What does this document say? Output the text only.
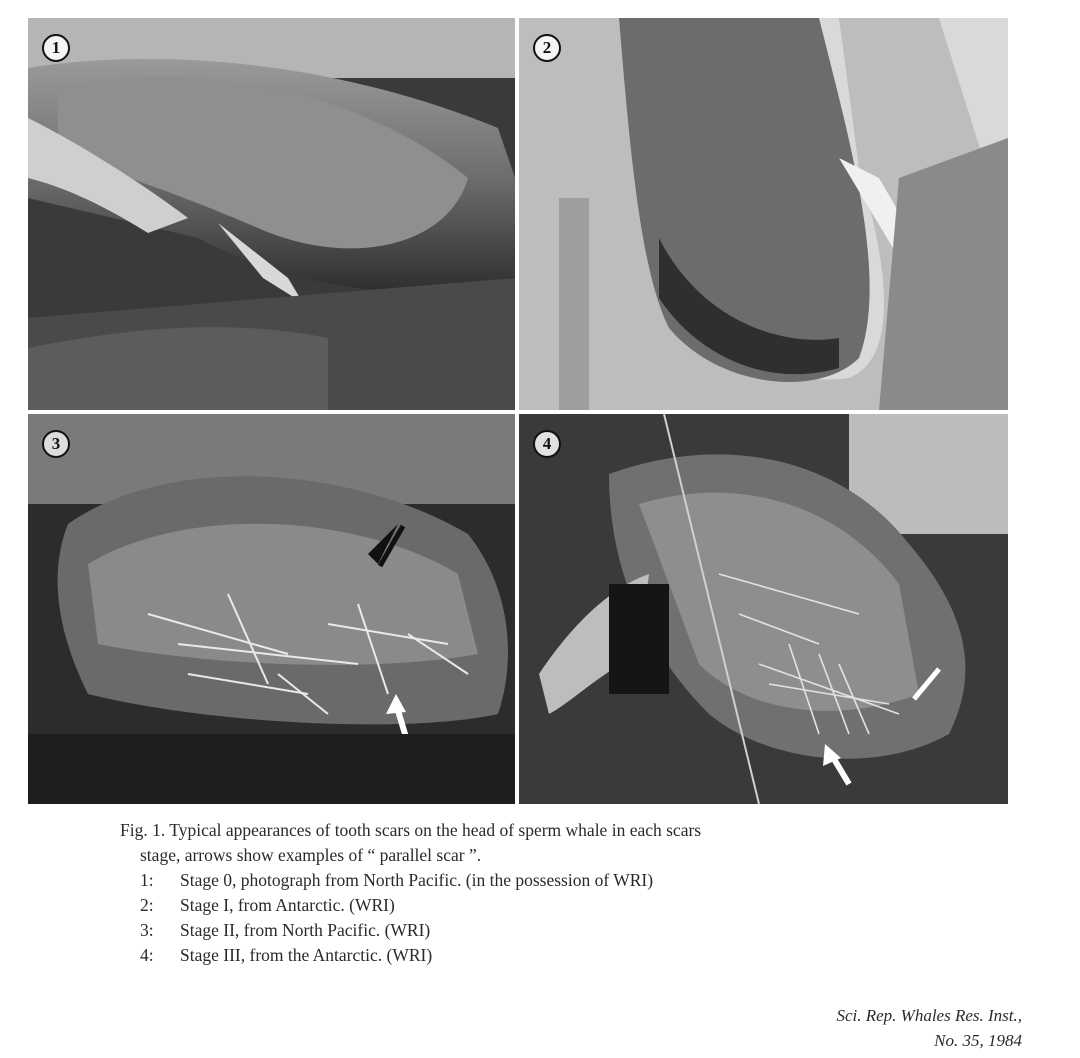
1	2
3	4
Fig. 1. Typical appearances of tooth scars on the head of sperm whale in each scars
stage, arrows show examples of “ parallel scar ”.
1:	Stage 0, photograph from North Pacific. (in the possession of WRI)
2:	Stage I, from Antarctic. (WRI)
3:	Stage II, from North Pacific. (WRI)
4:	Stage III, from the Antarctic. (WRI)
Sci. Rep. Whales Res. Inst.,
No. 35, 1984
